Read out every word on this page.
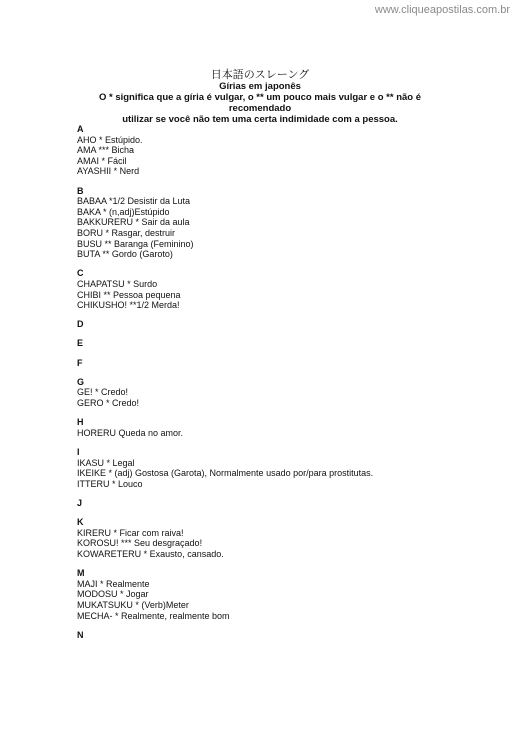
www.cliqueapostilas.com.br
日本語のスレーング
Gírias em japonês
O * significa que a gíria é vulgar, o ** um pouco mais vulgar e o ** não é recomendado
utilizar se você não tem uma certa indimidade com a pessoa.
A
AHO * Estúpido.
AMA *** Bicha
AMAI * Fácil
AYASHII * Nerd
B
BABAA *1/2 Desistir da Luta
BAKA * (n,adj)Estúpido
BAKKURERU * Sair da aula
BORU * Rasgar, destruir
BUSU ** Baranga (Feminino)
BUTA ** Gordo (Garoto)
C
CHAPATSU * Surdo
CHIBI ** Pessoa pequena
CHIKUSHO! **1/2 Merda!
D
E
F
G
GE! * Credo!
GERO * Credo!
H
HORERU Queda no amor.
I
IKASU * Legal
IKEIKE * (adj) Gostosa (Garota), Normalmente usado por/para prostitutas.
ITTERU * Louco
J
K
KIRERU * Ficar com raiva!
KOROSU! *** Seu desgraçado!
KOWARETERU * Exausto, cansado.
M
MAJI * Realmente
MODOSU * Jogar
MUKATSUKU * (Verb)Meter
MECHA- * Realmente, realmente bom
N
